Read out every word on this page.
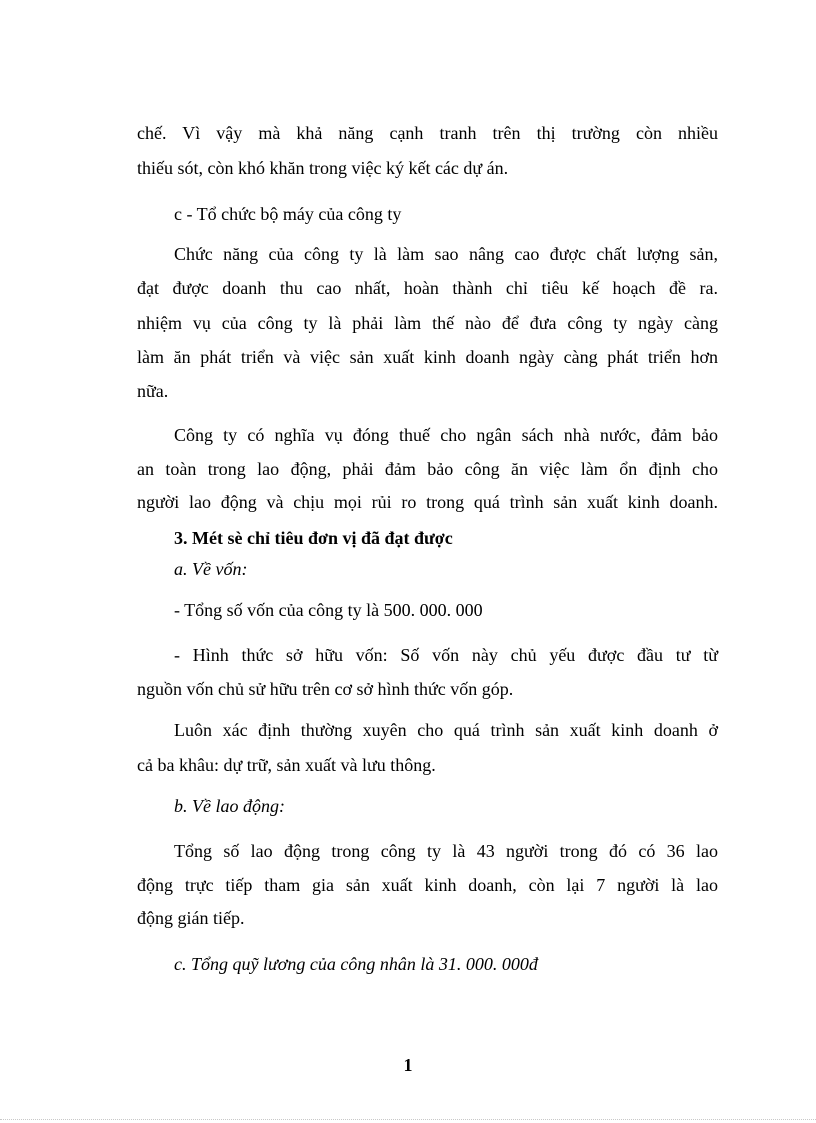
chế. Vì vậy mà khả năng cạnh tranh trên thị trường còn nhiều
thiếu sót, còn khó khăn trong việc ký kết các dự án.
c - Tổ chức bộ máy của công ty
Chức năng của công ty là làm sao nâng cao được chất lượng sản,
đạt được doanh thu cao nhất, hoàn thành chỉ tiêu kế hoạch đề ra.
nhiệm vụ của công ty là phải làm thế nào để đưa công ty ngày càng
làm ăn phát triển và việc sản xuất kinh doanh ngày càng phát triển hơn
nữa.
Công ty có nghĩa vụ đóng thuế cho ngân sách nhà nước, đảm bảo
an toàn trong lao động, phải đảm bảo công ăn việc làm ổn định cho
người lao động và chịu mọi rủi ro trong quá trình sản xuất kinh doanh.
3. Mét sè chỉ tiêu đơn vị đã đạt được
a. Về vốn:
- Tổng số vốn của công ty là 500. 000. 000
- Hình thức sở hữu vốn: Số vốn này chủ yếu được đầu tư từ
nguồn vốn chủ sử hữu trên cơ sở hình thức vốn góp.
Luôn xác định thường xuyên cho quá trình sản xuất kinh doanh ở
cả ba khâu: dự trữ, sản xuất và lưu thông.
b. Về lao động:
Tổng số lao động trong công ty là 43 người trong đó có 36 lao
động trực tiếp tham gia sản xuất kinh doanh, còn lại 7 người là lao
động gián tiếp.
c. Tổng quỹ lương của công nhân là 31. 000. 000đ
1
